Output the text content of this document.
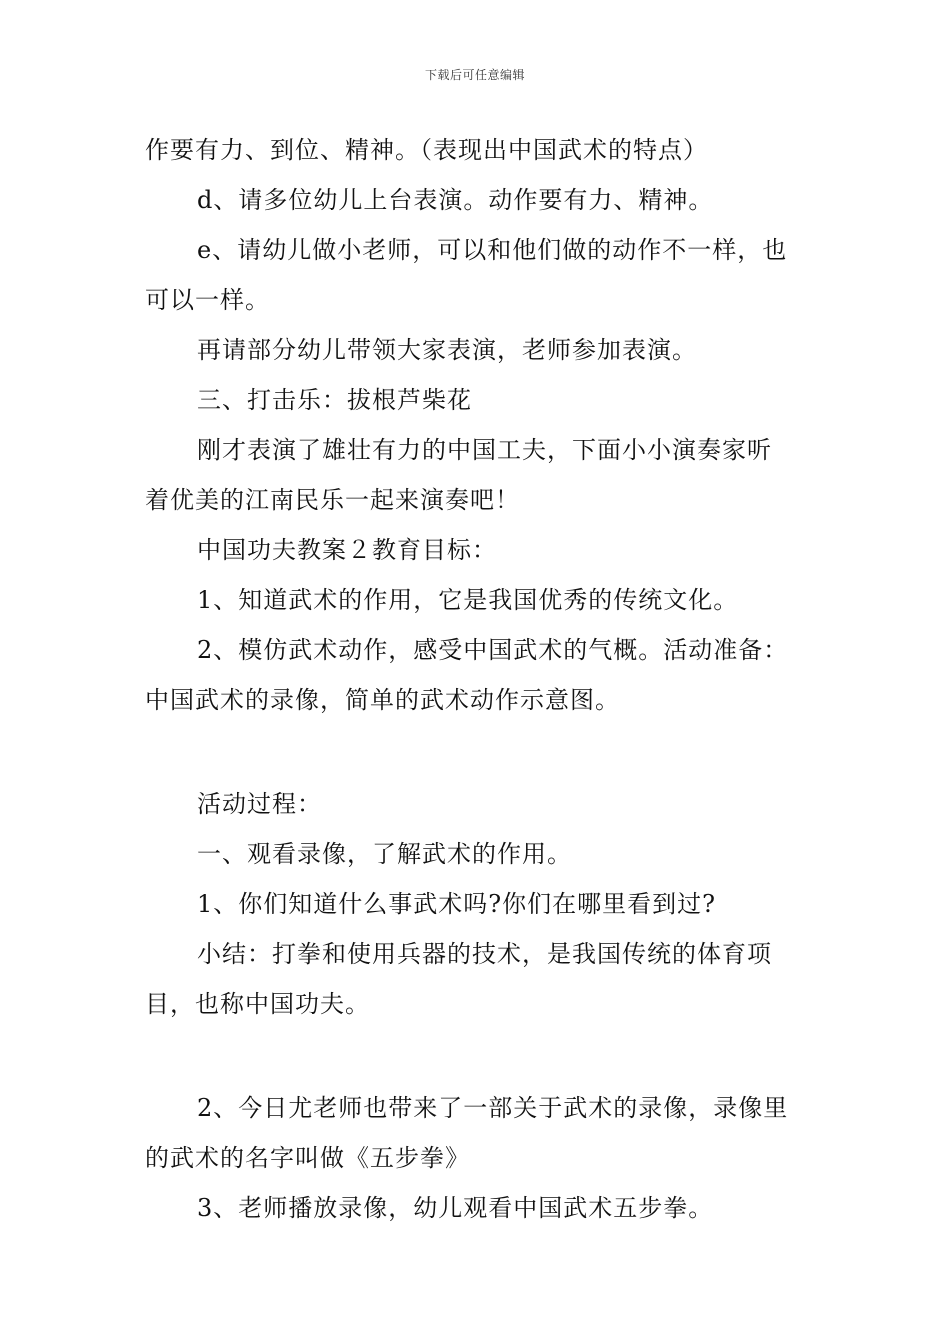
下载后可任意编辑
作要有力、到位、精神。（表现出中国武术的特点）
d、请多位幼儿上台表演。动作要有力、精神。
e、请幼儿做小老师，可以和他们做的动作不一样，也
可以一样。
再请部分幼儿带领大家表演，老师参加表演。
三、打击乐：拔根芦柴花
刚才表演了雄壮有力的中国工夫，下面小小演奏家听
着优美的江南民乐一起来演奏吧！
中国功夫教案２教育目标：
1、知道武术的作用，它是我国优秀的传统文化。
2、模仿武术动作，感受中国武术的气概。活动准备：
中国武术的录像，简单的武术动作示意图。
活动过程：
一、观看录像，了解武术的作用。
1、你们知道什么事武术吗?你们在哪里看到过?
小结：打拳和使用兵器的技术，是我国传统的体育项
目，也称中国功夫。
2、今日尤老师也带来了一部关于武术的录像，录像里
的武术的名字叫做《五步拳》
3、老师播放录像，幼儿观看中国武术五步拳。
